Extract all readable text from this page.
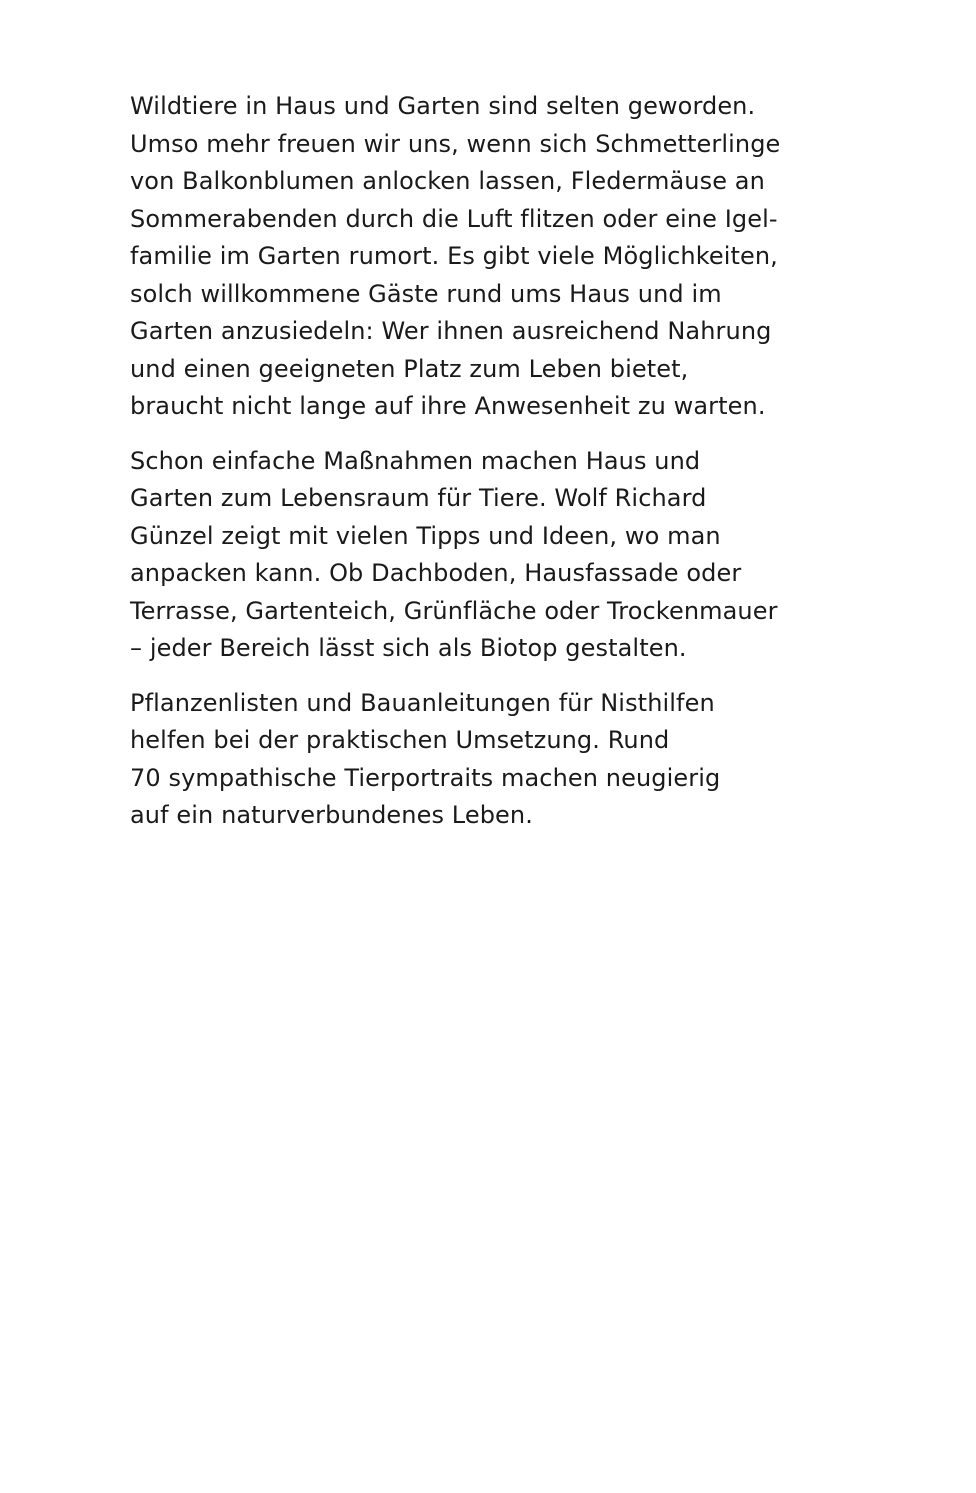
Wildtiere in Haus und Garten sind selten geworden.
Umso mehr freuen wir uns, wenn sich Schmetterlinge
von Balkonblumen anlocken lassen, Fledermäuse an
Sommerabenden durch die Luft flitzen oder eine Igel-
familie im Garten rumort. Es gibt viele Möglichkeiten,
solch willkommene Gäste rund ums Haus und im
Garten anzusiedeln: Wer ihnen ausreichend Nahrung
und einen geeigneten Platz zum Leben bietet,
braucht nicht lange auf ihre Anwesenheit zu warten.

Schon einfache Maßnahmen machen Haus und
Garten zum Lebensraum für Tiere. Wolf Richard
Günzel zeigt mit vielen Tipps und Ideen, wo man
anpacken kann. Ob Dachboden, Hausfassade oder
Terrasse, Gartenteich, Grünfläche oder Trockenmauer
– jeder Bereich lässt sich als Biotop gestalten.

Pflanzenlisten und Bauanleitungen für Nisthilfen
helfen bei der praktischen Umsetzung. Rund
70 sympathische Tierportraits machen neugierig
auf ein naturverbundenes Leben.
